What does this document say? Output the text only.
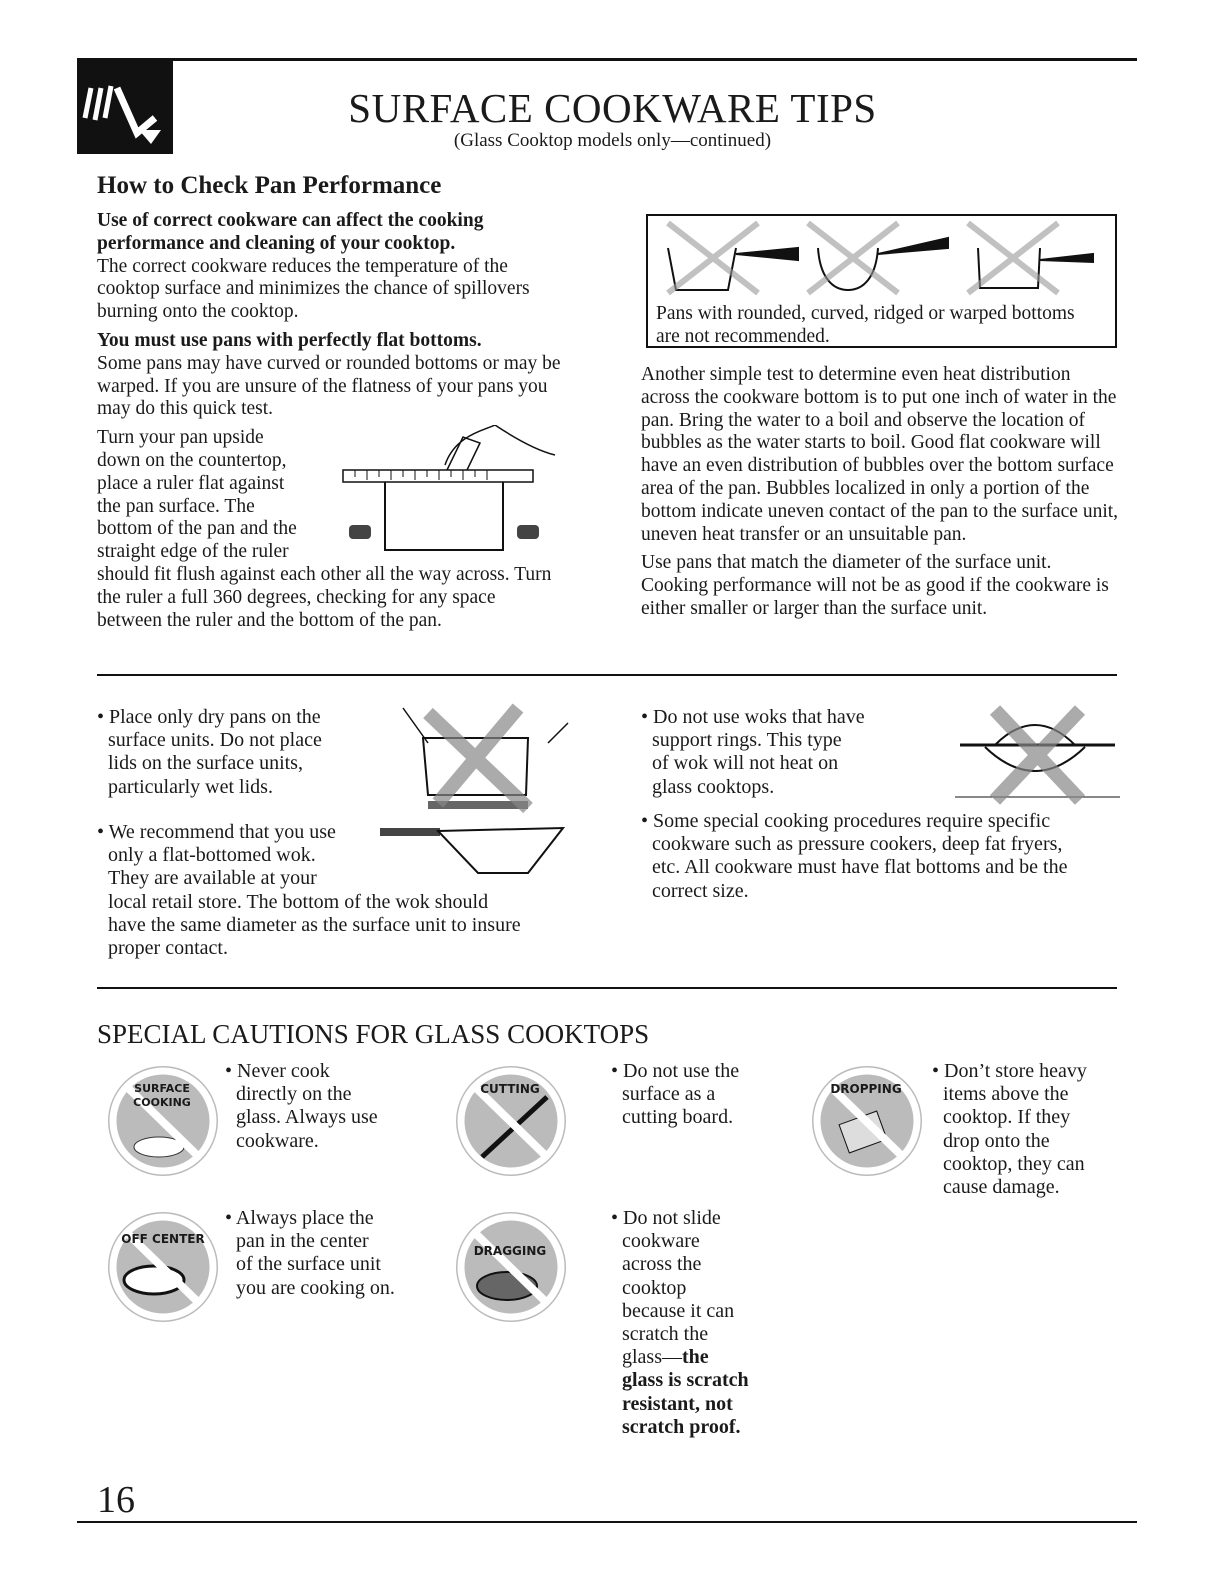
SURFACE COOKWARE TIPS
(Glass Cooktop models only—continued)
How to Check Pan Performance
Use of correct cookware can affect the cooking performance and cleaning of your cooktop.
The correct cookware reduces the temperature of the cooktop surface and minimizes the chance of spillovers burning onto the cooktop.
You must use pans with perfectly flat bottoms.
Some pans may have curved or rounded bottoms or may be warped. If you are unsure of the flatness of your pans you may do this quick test.
Turn your pan upside
down on the countertop,
place a ruler flat against
the pan surface. The
bottom of the pan and the
straight edge of the ruler
should fit flush against each other all the way across. Turn the ruler a full 360 degrees, checking for any space between the ruler and the bottom of the pan.
Pans with rounded, curved, ridged or warped bottoms are not recommended.
Another simple test to determine even heat distribution across the cookware bottom is to put one inch of water in the pan. Bring the water to a boil and observe the location of bubbles as the water starts to boil. Good flat cookware will have an even distribution of bubbles over the bottom surface area of the pan. Bubbles localized in only a portion of the bottom indicate uneven contact of the pan to the surface unit, uneven heat transfer or an unsuitable pan.
Use pans that match the diameter of the surface unit. Cooking performance will not be as good if the cookware is either smaller or larger than the surface unit.
• Place only dry pans on the
surface units. Do not place
lids on the surface units,
particularly wet lids.
• We recommend that you use
only a flat-bottomed wok.
They are available at your
local retail store. The bottom of the wok should
have the same diameter as the surface unit to insure
proper contact.
• Do not use woks that have
support rings. This type
of wok will not heat on
glass cooktops.
• Some special cooking procedures require specific
cookware such as pressure cookers, deep fat fryers,
etc. All cookware must have flat bottoms and be the
correct size.
SPECIAL CAUTIONS FOR GLASS COOKTOPS
SURFACE COOKING
• Never cook
directly on the
glass. Always use
cookware.
CUTTING
• Do not use the
surface as a
cutting board.
DROPPING
• Don’t store heavy
items above the
cooktop. If they
drop onto the
cooktop, they can
cause damage.
OFF CENTER
• Always place the
pan in the center
of the surface unit
you are cooking on.
DRAGGING
• Do not slide
cookware
across the
cooktop
because it can
scratch the
glass—the
glass is scratch
resistant, not
scratch proof.
16
